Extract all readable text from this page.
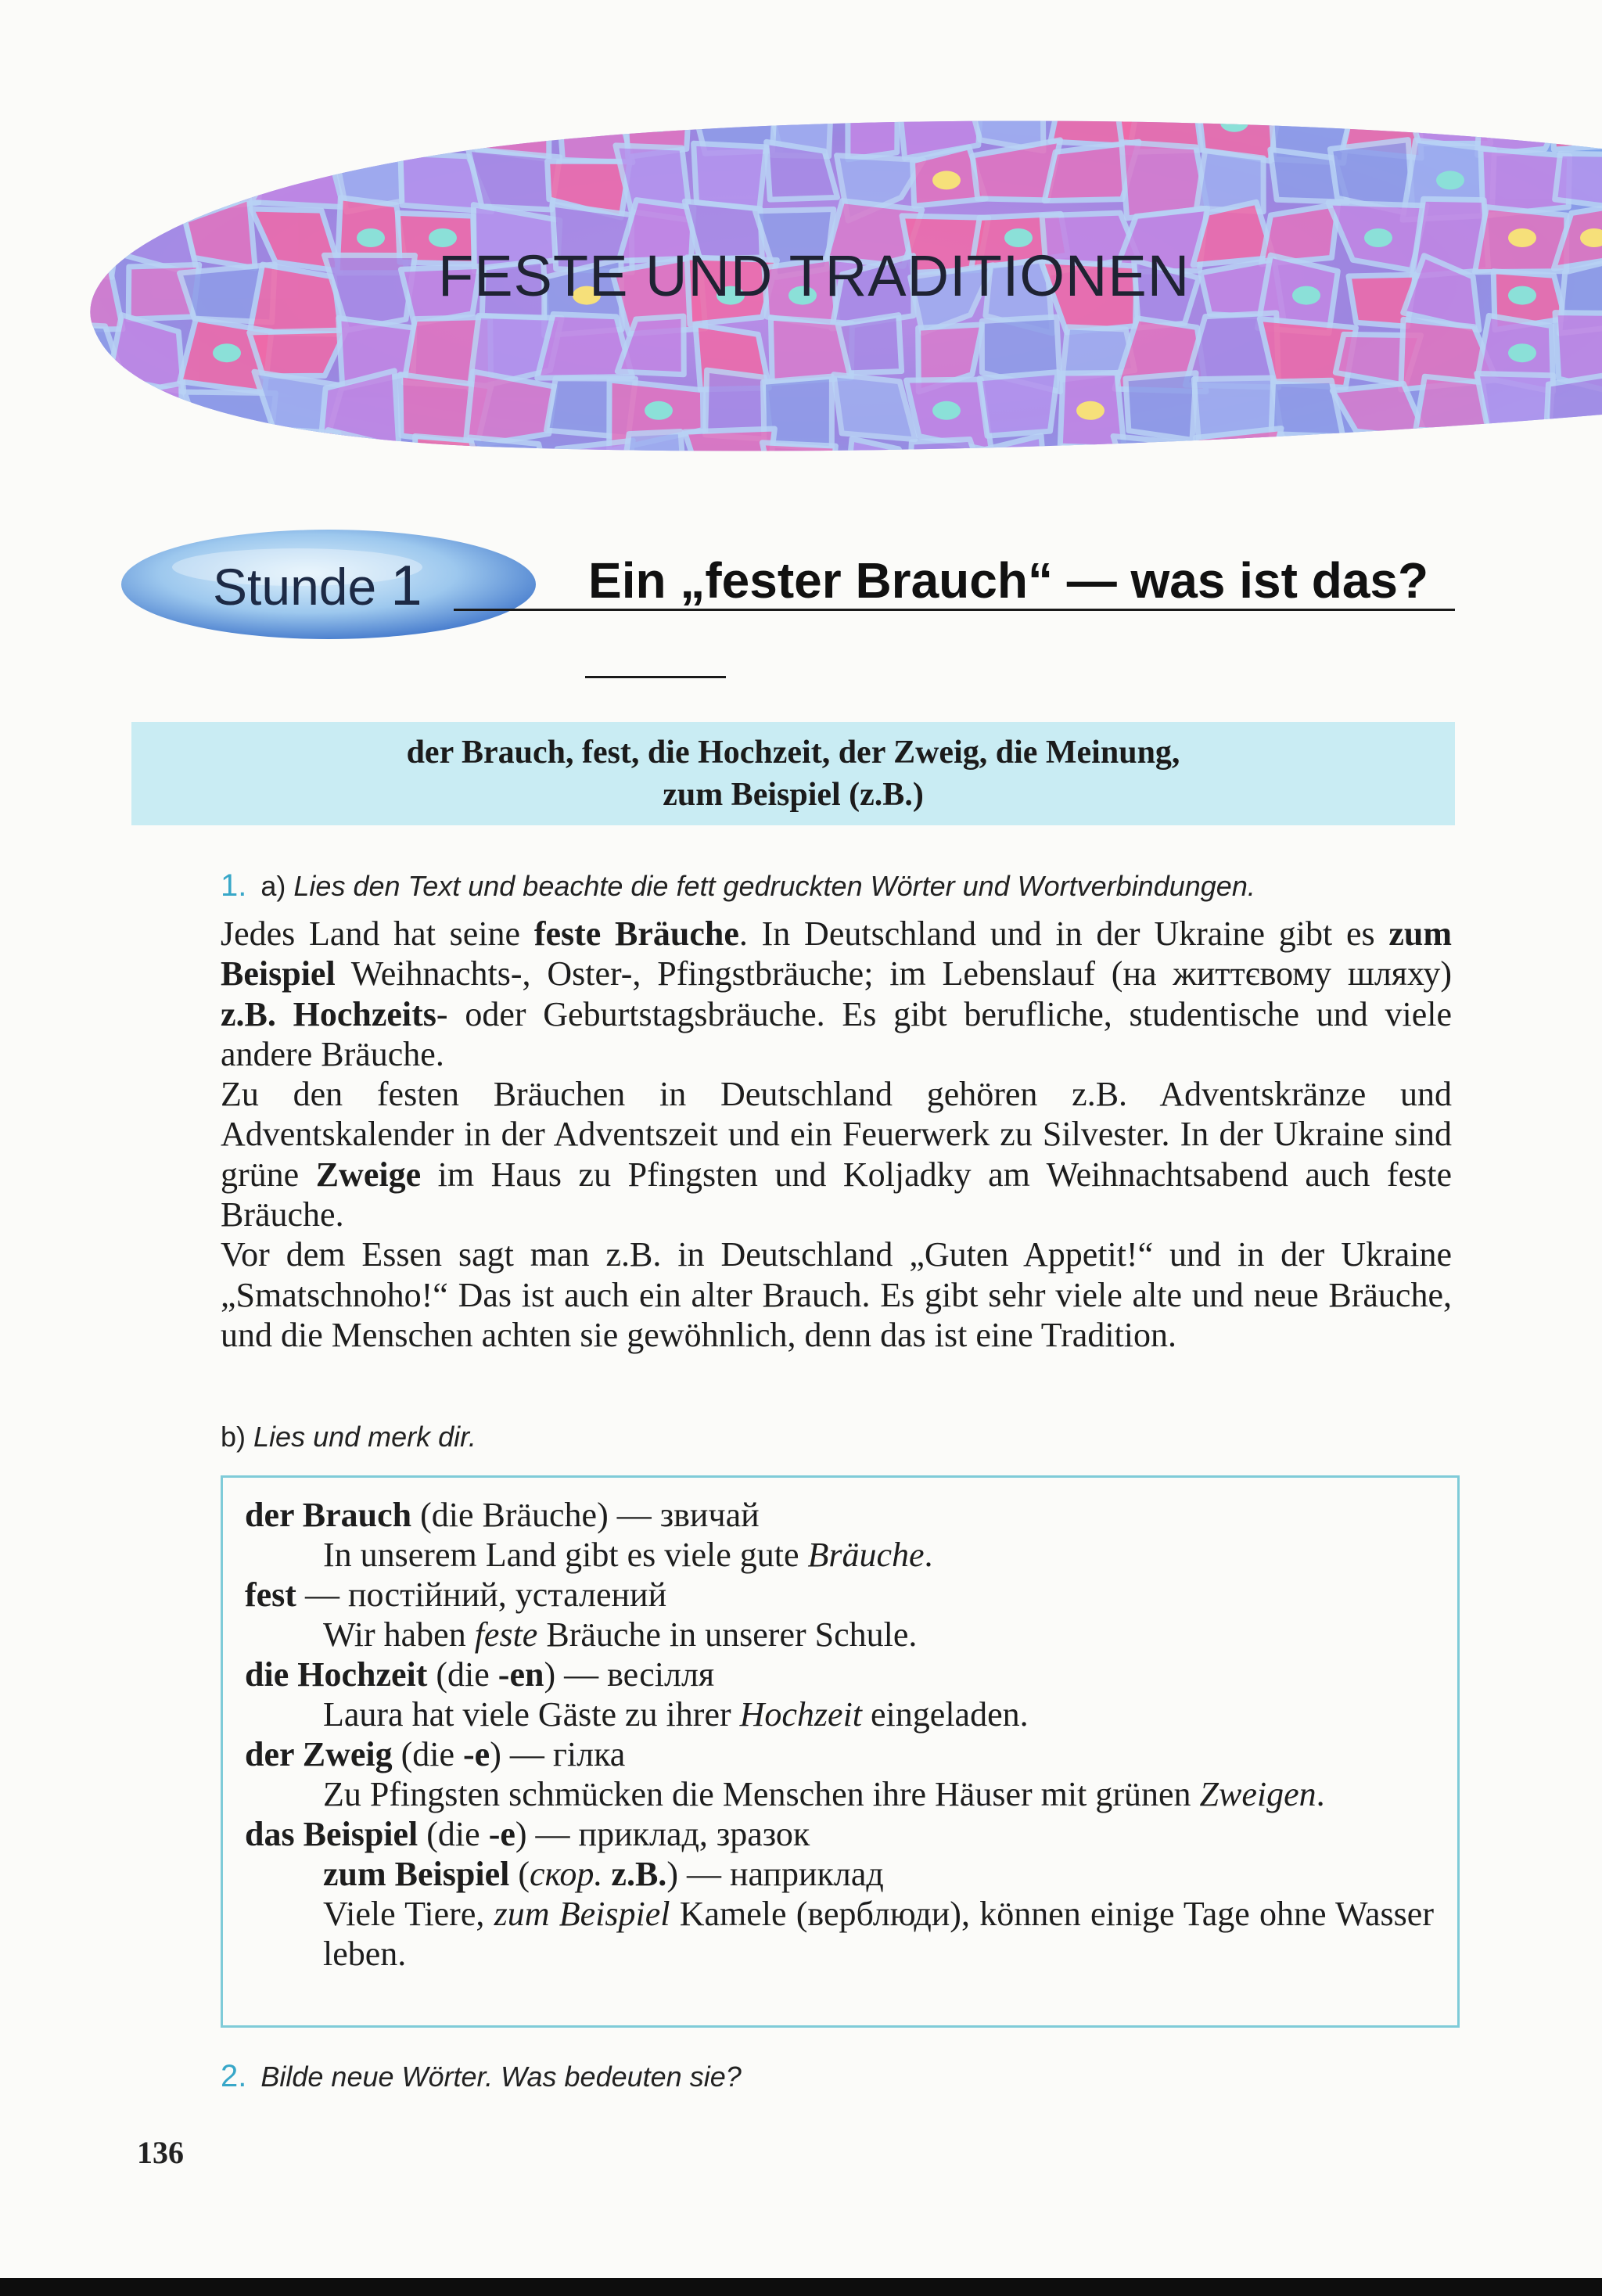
FESTE UND TRADITIONEN
Stunde 1	Ein „fester Brauch“ — was ist das?
der Brauch, fest, die Hochzeit, der Zweig, die Meinung,
zum Beispiel (z.B.)
1. a) Lies den Text und beachte die fett gedruckten Wörter und Wortverbindungen.

Jedes Land hat seine feste Bräuche. In Deutschland und in der Ukraine gibt es zum Beispiel Weihnachts-, Oster-, Pfingstbräuche; im Lebenslauf (на життєвому шляху) z.B. Hochzeits- oder Geburtstagsbräuche. Es gibt berufliche, studentische und viele andere Bräuche.

Zu den festen Bräuchen in Deutschland gehören z.B. Adventskränze und Adventskalender in der Adventszeit und ein Feuerwerk zu Silvester. In der Ukraine sind grüne Zweige im Haus zu Pfingsten und Koljadky am Weihnachtsabend auch feste Bräuche.

Vor dem Essen sagt man z.B. in Deutschland „Guten Appetit!“ und in der Ukraine „Smatschnoho!“ Das ist auch ein alter Brauch. Es gibt sehr viele alte und neue Bräuche, und die Menschen achten sie gewöhnlich, denn das ist eine Tradition.

b) Lies und merk dir.
der Brauch (die Bräuche) — звичай
In unserem Land gibt es viele gute Bräuche.
fest — постійний, усталений
Wir haben feste Bräuche in unserer Schule.
die Hochzeit (die -en) — весілля
Laura hat viele Gäste zu ihrer Hochzeit eingeladen.
der Zweig (die -e) — гілка
Zu Pfingsten schmücken die Menschen ihre Häuser mit grünen Zweigen.
das Beispiel (die -e) — приклад, зразок
zum Beispiel (скор. z.B.) — наприклад
Viele Tiere, zum Beispiel Kamele (верблюди), können einige Tage ohne Wasser leben.
2. Bilde neue Wörter. Was bedeuten sie?
136
